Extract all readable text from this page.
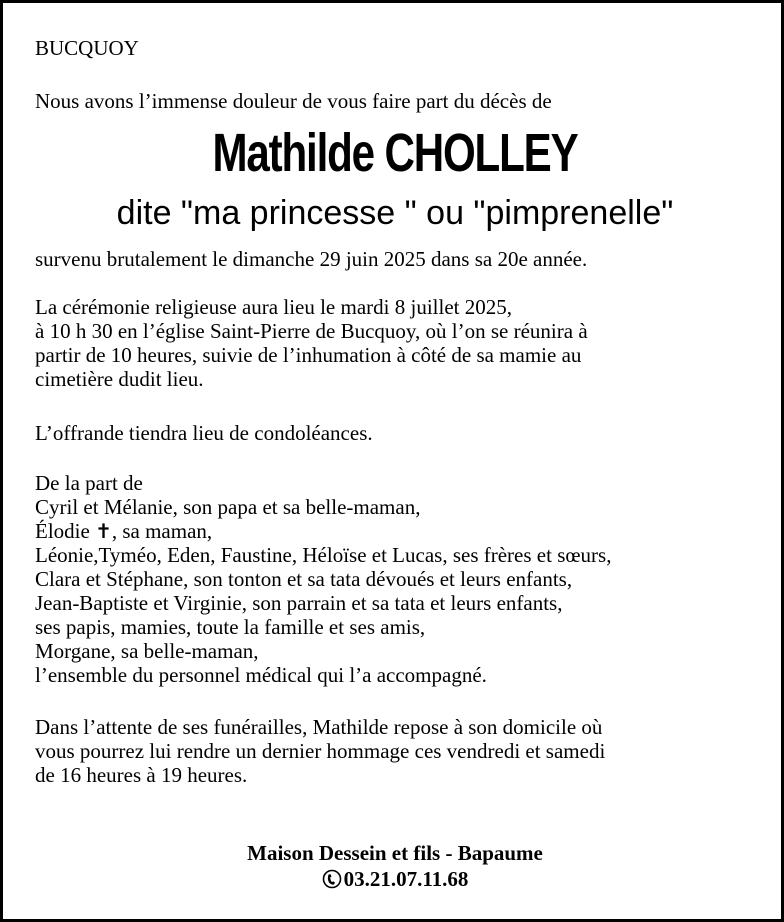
BUCQUOY
Nous avons l’immense douleur de vous faire part du décès de
Mathilde CHOLLEY
dite "ma princesse " ou "pimprenelle"
survenu brutalement le dimanche 29 juin 2025 dans sa 20e année.
La cérémonie religieuse aura lieu le mardi 8 juillet 2025,
à 10 h 30 en l’église Saint-Pierre de Bucquoy, où l’on se réunira à
partir de 10 heures, suivie de l’inhumation à côté de sa mamie au
cimetière dudit lieu.
L’offrande tiendra lieu de condoléances.
De la part de
Cyril et Mélanie, son papa et sa belle-maman,
Élodie ✝, sa maman,
Léonie,Tyméo, Eden, Faustine, Héloïse et Lucas, ses frères et sœurs,
Clara et Stéphane, son tonton et sa tata dévoués et leurs enfants,
Jean-Baptiste et Virginie, son parrain et sa tata et leurs enfants,
ses papis, mamies, toute la famille et ses amis,
Morgane, sa belle-maman,
l’ensemble du personnel médical qui l’a accompagné.
Dans l’attente de ses funérailles, Mathilde repose à son domicile où
vous pourrez lui rendre un dernier hommage ces vendredi et samedi
de 16 heures à 19 heures.
Maison Dessein et fils - Bapaume
03.21.07.11.68
